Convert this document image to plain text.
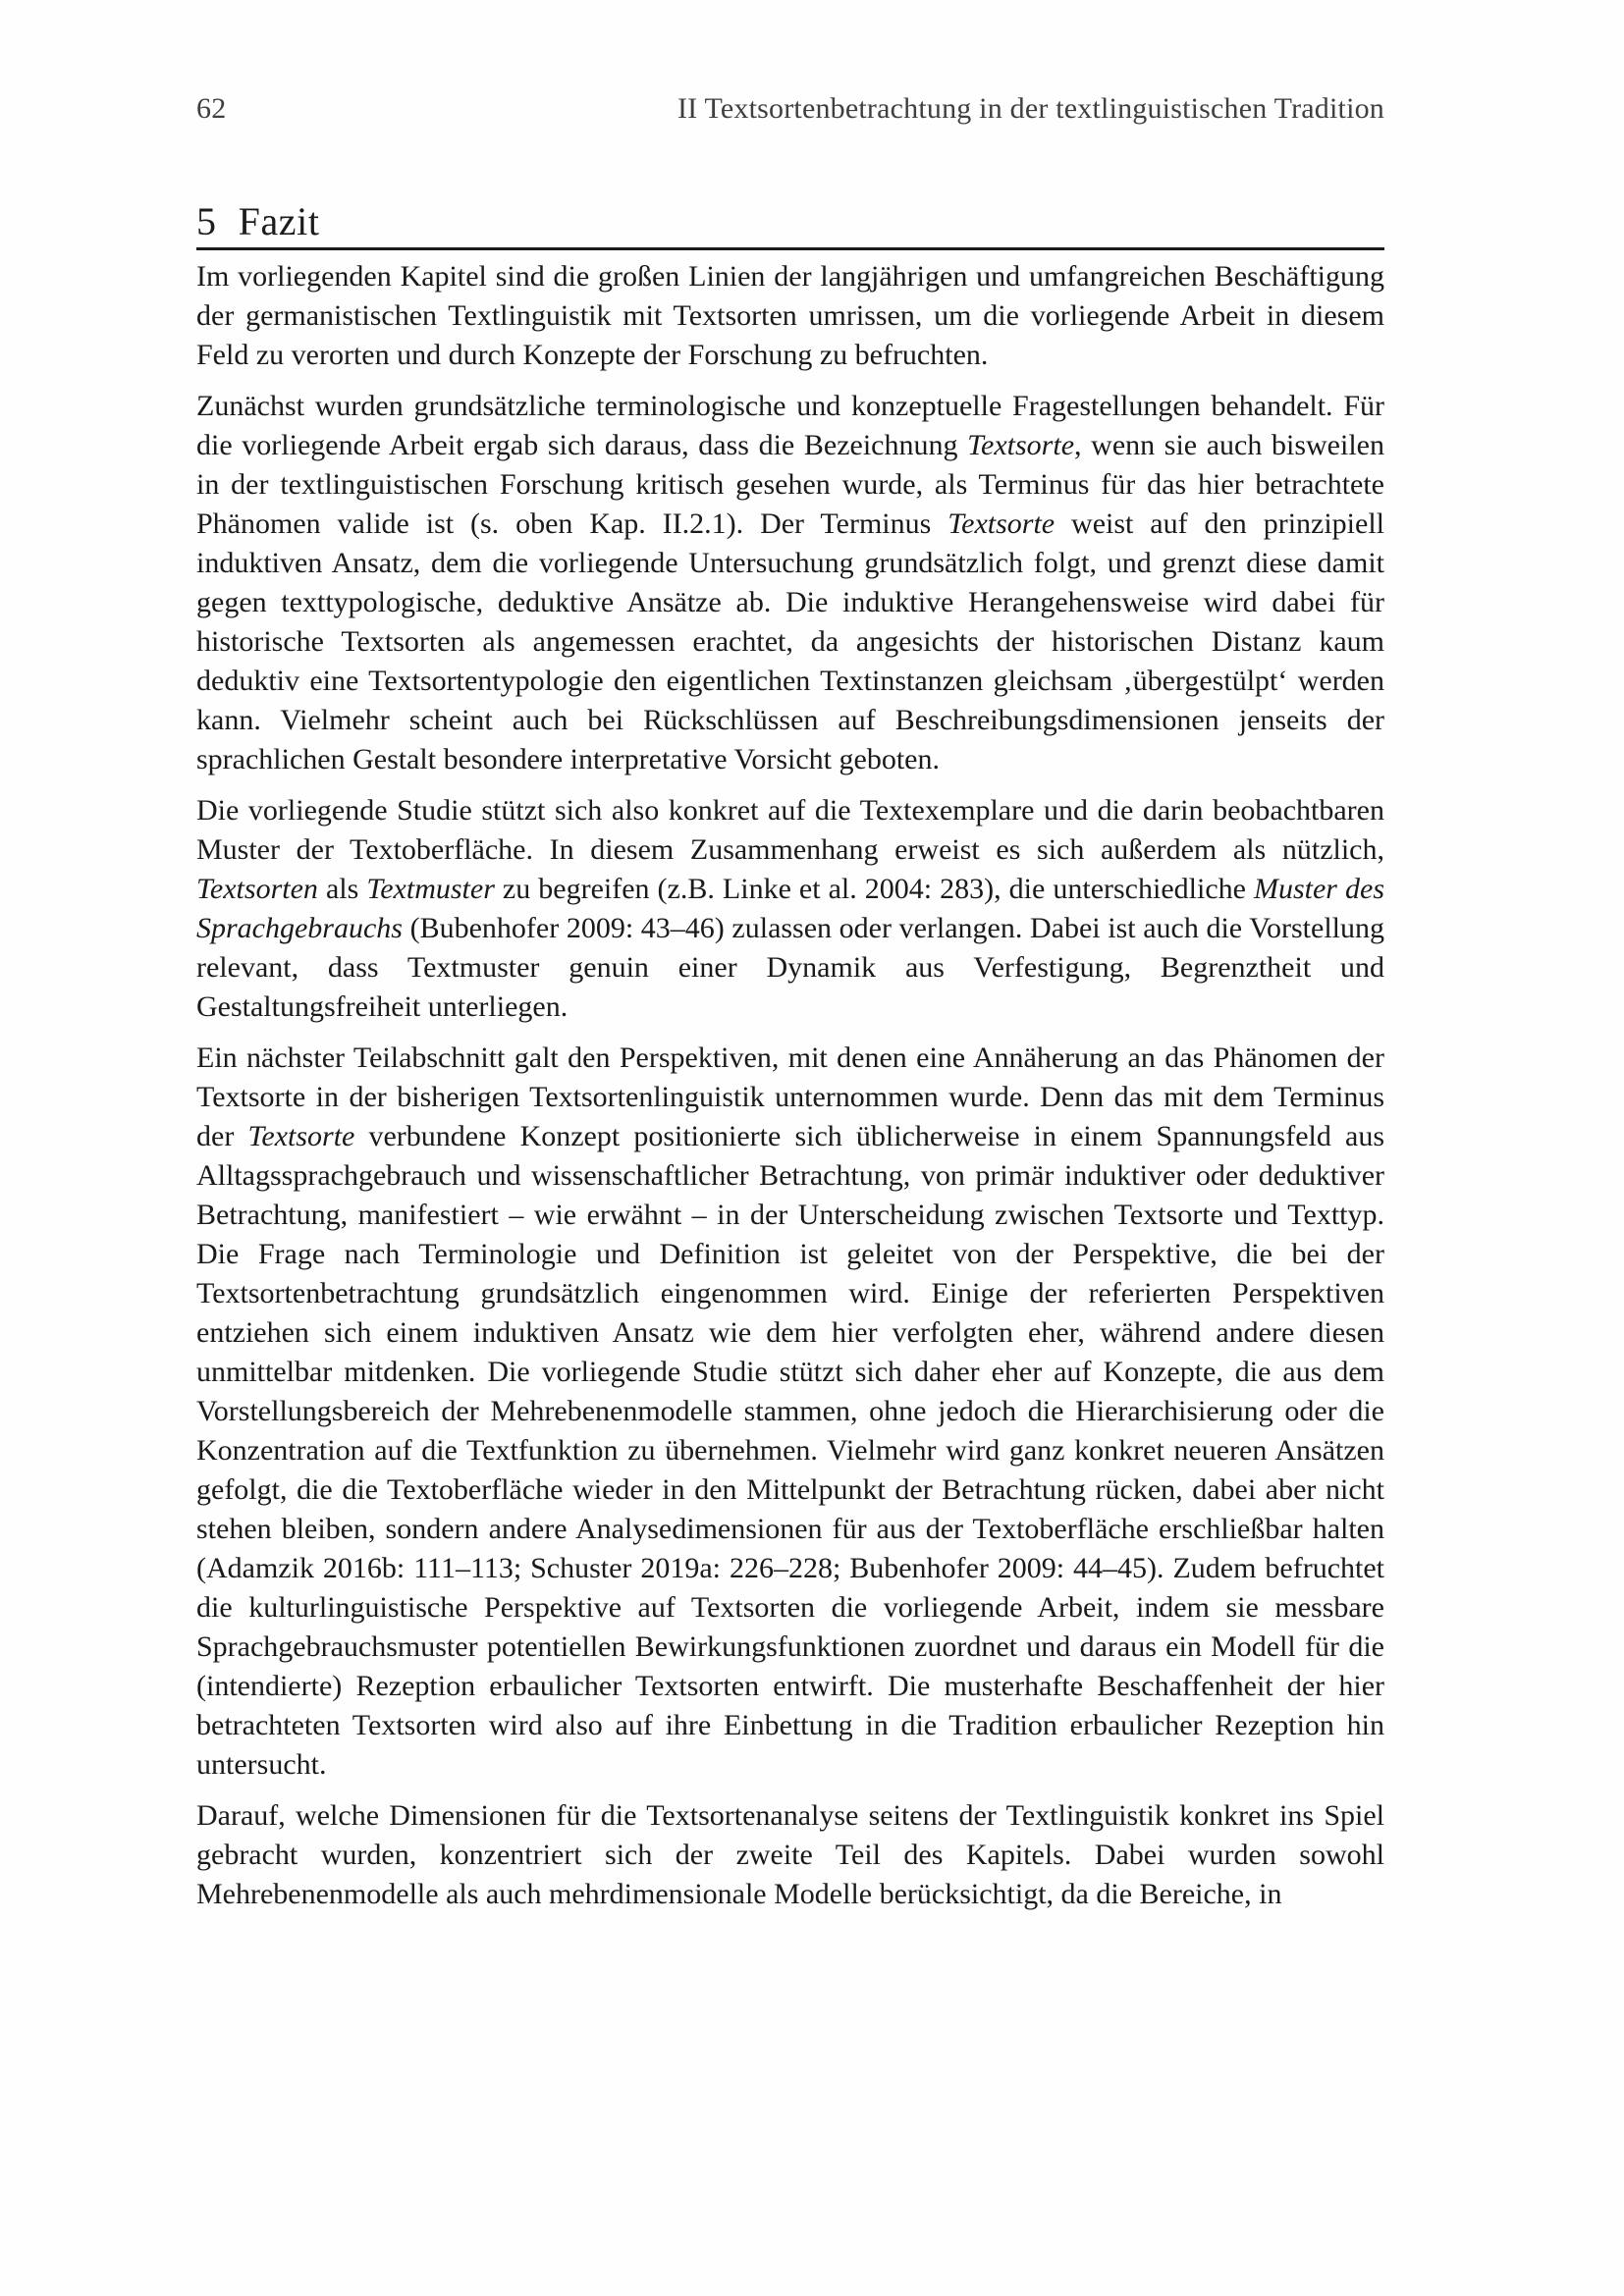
62	II Textsortenbetrachtung in der textlinguistischen Tradition
5 Fazit

Im vorliegenden Kapitel sind die großen Linien der langjährigen und umfangreichen Beschäftigung der germanistischen Textlinguistik mit Textsorten umrissen, um die vorliegende Arbeit in diesem Feld zu verorten und durch Konzepte der Forschung zu befruchten.

Zunächst wurden grundsätzliche terminologische und konzeptuelle Fragestellungen behandelt. Für die vorliegende Arbeit ergab sich daraus, dass die Bezeichnung Textsorte, wenn sie auch bisweilen in der textlinguistischen Forschung kritisch gesehen wurde, als Terminus für das hier betrachtete Phänomen valide ist (s. oben Kap. II.2.1). Der Terminus Textsorte weist auf den prinzipiell induktiven Ansatz, dem die vorliegende Untersuchung grundsätzlich folgt, und grenzt diese damit gegen texttypologische, deduktive Ansätze ab. Die induktive Herangehensweise wird dabei für historische Textsorten als angemessen erachtet, da angesichts der historischen Distanz kaum deduktiv eine Textsortentypologie den eigentlichen Textinstanzen gleichsam ‚übergestülpt‘ werden kann. Vielmehr scheint auch bei Rückschlüssen auf Beschreibungsdimensionen jenseits der sprachlichen Gestalt besondere interpretative Vorsicht geboten.

Die vorliegende Studie stützt sich also konkret auf die Textexemplare und die darin beobachtbaren Muster der Textoberfläche. In diesem Zusammenhang erweist es sich außerdem als nützlich, Textsorten als Textmuster zu begreifen (z.B. Linke et al. 2004: 283), die unterschiedliche Muster des Sprachgebrauchs (Bubenhofer 2009: 43–46) zulassen oder verlangen. Dabei ist auch die Vorstellung relevant, dass Textmuster genuin einer Dynamik aus Verfestigung, Begrenztheit und Gestaltungsfreiheit unterliegen.

Ein nächster Teilabschnitt galt den Perspektiven, mit denen eine Annäherung an das Phänomen der Textsorte in der bisherigen Textsortenlinguistik unternommen wurde. Denn das mit dem Terminus der Textsorte verbundene Konzept positionierte sich üblicherweise in einem Spannungsfeld aus Alltagssprachgebrauch und wissenschaftlicher Betrachtung, von primär induktiver oder deduktiver Betrachtung, manifestiert – wie erwähnt – in der Unterscheidung zwischen Textsorte und Texttyp. Die Frage nach Terminologie und Definition ist geleitet von der Perspektive, die bei der Textsortenbetrachtung grundsätzlich eingenommen wird. Einige der referierten Perspektiven entziehen sich einem induktiven Ansatz wie dem hier verfolgten eher, während andere diesen unmittelbar mitdenken. Die vorliegende Studie stützt sich daher eher auf Konzepte, die aus dem Vorstellungsbereich der Mehrebenenmodelle stammen, ohne jedoch die Hierarchisierung oder die Konzentration auf die Textfunktion zu übernehmen. Vielmehr wird ganz konkret neueren Ansätzen gefolgt, die die Textoberfläche wieder in den Mittelpunkt der Betrachtung rücken, dabei aber nicht stehen bleiben, sondern andere Analysedimensionen für aus der Textoberfläche erschließbar halten (Adamzik 2016b: 111–113; Schuster 2019a: 226–228; Bubenhofer 2009: 44–45). Zudem befruchtet die kulturlinguistische Perspektive auf Textsorten die vorliegende Arbeit, indem sie messbare Sprachgebrauchsmuster potentiellen Bewirkungsfunktionen zuordnet und daraus ein Modell für die (intendierte) Rezeption erbaulicher Textsorten entwirft. Die musterhafte Beschaffenheit der hier betrachteten Textsorten wird also auf ihre Einbettung in die Tradition erbaulicher Rezeption hin untersucht.

Darauf, welche Dimensionen für die Textsortenanalyse seitens der Textlinguistik konkret ins Spiel gebracht wurden, konzentriert sich der zweite Teil des Kapitels. Dabei wurden sowohl Mehrebenenmodelle als auch mehrdimensionale Modelle berücksichtigt, da die Bereiche, in
